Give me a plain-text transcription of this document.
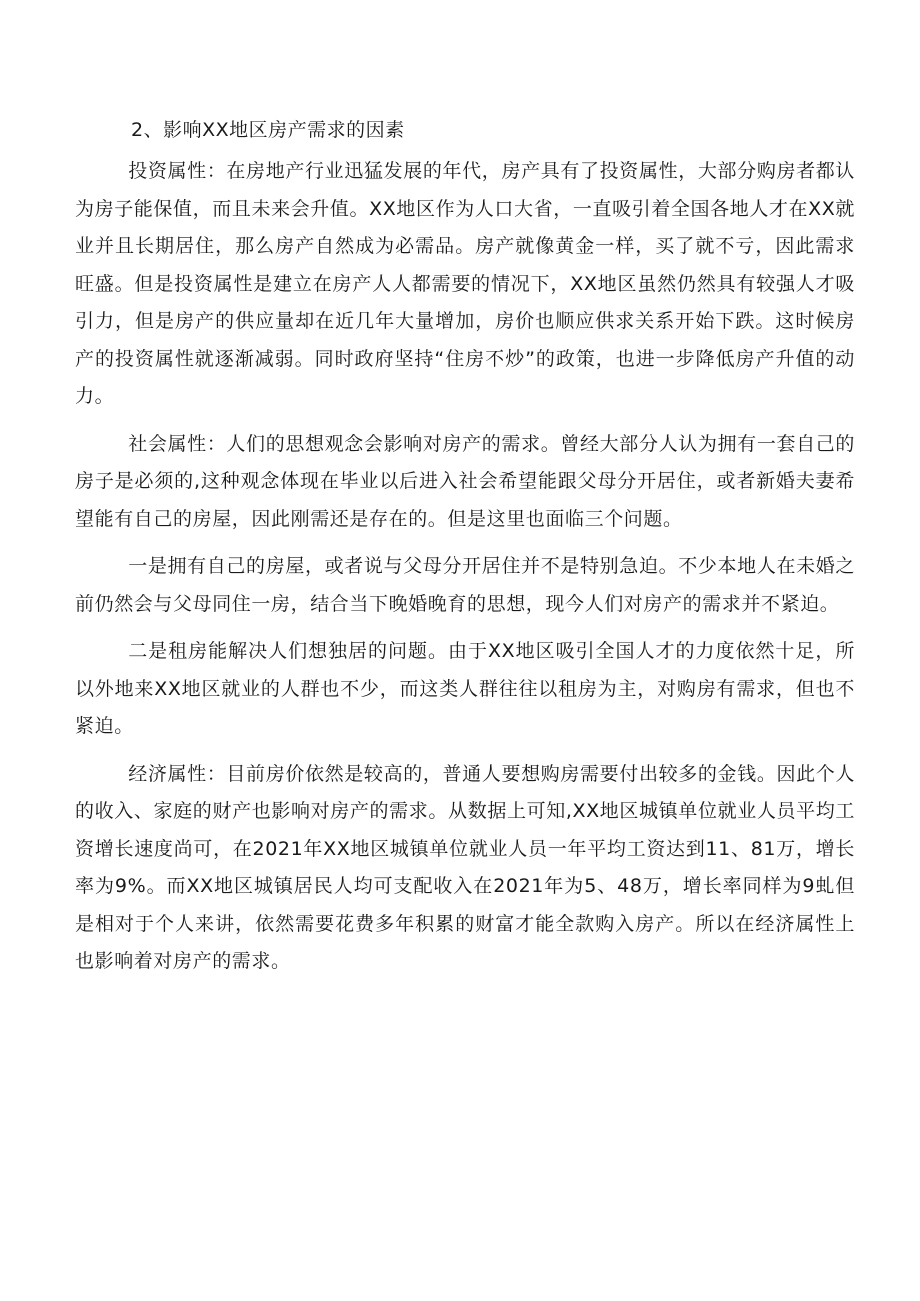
2、影响XX地区房产需求的因素

投资属性：在房地产行业迅猛发展的年代，房产具有了投资属性，大部分购房者都认为房子能保值，而且未来会升值。XX地区作为人口大省，一直吸引着全国各地人才在XX就业并且长期居住，那么房产自然成为必需品。房产就像黄金一样，买了就不亏，因此需求旺盛。但是投资属性是建立在房产人人都需要的情况下，XX地区虽然仍然具有较强人才吸引力，但是房产的供应量却在近几年大量增加，房价也顺应供求关系开始下跌。这时候房产的投资属性就逐渐减弱。同时政府坚持“住房不炒”的政策，也进一步降低房产升值的动力。

社会属性：人们的思想观念会影响对房产的需求。曾经大部分人认为拥有一套自己的房子是必须的,这种观念体现在毕业以后进入社会希望能跟父母分开居住，或者新婚夫妻希望能有自己的房屋，因此刚需还是存在的。但是这里也面临三个问题。

一是拥有自己的房屋，或者说与父母分开居住并不是特别急迫。不少本地人在未婚之前仍然会与父母同住一房，结合当下晚婚晚育的思想，现今人们对房产的需求并不紧迫。

二是租房能解决人们想独居的问题。由于XX地区吸引全国人才的力度依然十足，所以外地来XX地区就业的人群也不少，而这类人群往往以租房为主，对购房有需求，但也不紧迫。

经济属性：目前房价依然是较高的，普通人要想购房需要付出较多的金钱。因此个人的收入、家庭的财产也影响对房产的需求。从数据上可知,XX地区城镇单位就业人员平均工资增长速度尚可，在2021年XX地区城镇单位就业人员一年平均工资达到11、81万，增长率为9%。而XX地区城镇居民人均可支配收入在2021年为5、48万，增长率同样为9虬但是相对于个人来讲，依然需要花费多年积累的财富才能全款购入房产。所以在经济属性上也影响着对房产的需求。
